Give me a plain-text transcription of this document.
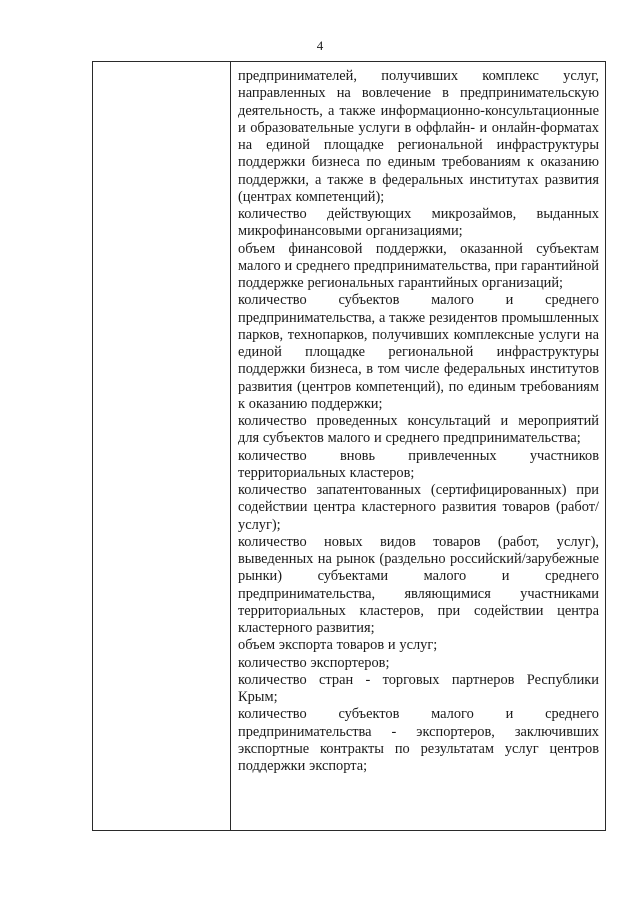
4

предпринимателей, получивших комплекс услуг, направленных на вовлечение в предпринимательскую деятельность, а также информационно-консультационные и образовательные услуги в оффлайн- и онлайн-форматах на единой площадке региональной инфраструктуры поддержки бизнеса по единым требованиям к оказанию поддержки, а также в федеральных институтах развития (центрах компетенций);
количество действующих микрозаймов, выданных микрофинансовыми организациями;
объем финансовой поддержки, оказанной субъектам малого и среднего предпринимательства, при гарантийной поддержке региональных гарантийных организаций;
количество субъектов малого и среднего предпринимательства, а также резидентов промышленных парков, технопарков, получивших комплексные услуги на единой площадке региональной инфраструктуры поддержки бизнеса, в том числе федеральных институтов развития (центров компетенций), по единым требованиям к оказанию поддержки;
количество проведенных консультаций и мероприятий для субъектов малого и среднего предпринимательства;
количество вновь привлеченных участников территориальных кластеров;
количество запатентованных (сертифицированных) при содействии центра кластерного развития товаров (работ/услуг);
количество новых видов товаров (работ, услуг), выведенных на рынок (раздельно российский/зарубежные рынки) субъектами малого и среднего предпринимательства, являющимися участниками территориальных кластеров, при содействии центра кластерного развития;
объем экспорта товаров и услуг;
количество экспортеров;
количество стран - торговых партнеров Республики Крым;
количество субъектов малого и среднего предпринимательства - экспортеров, заключивших экспортные контракты по результатам услуг центров поддержки экспорта;
